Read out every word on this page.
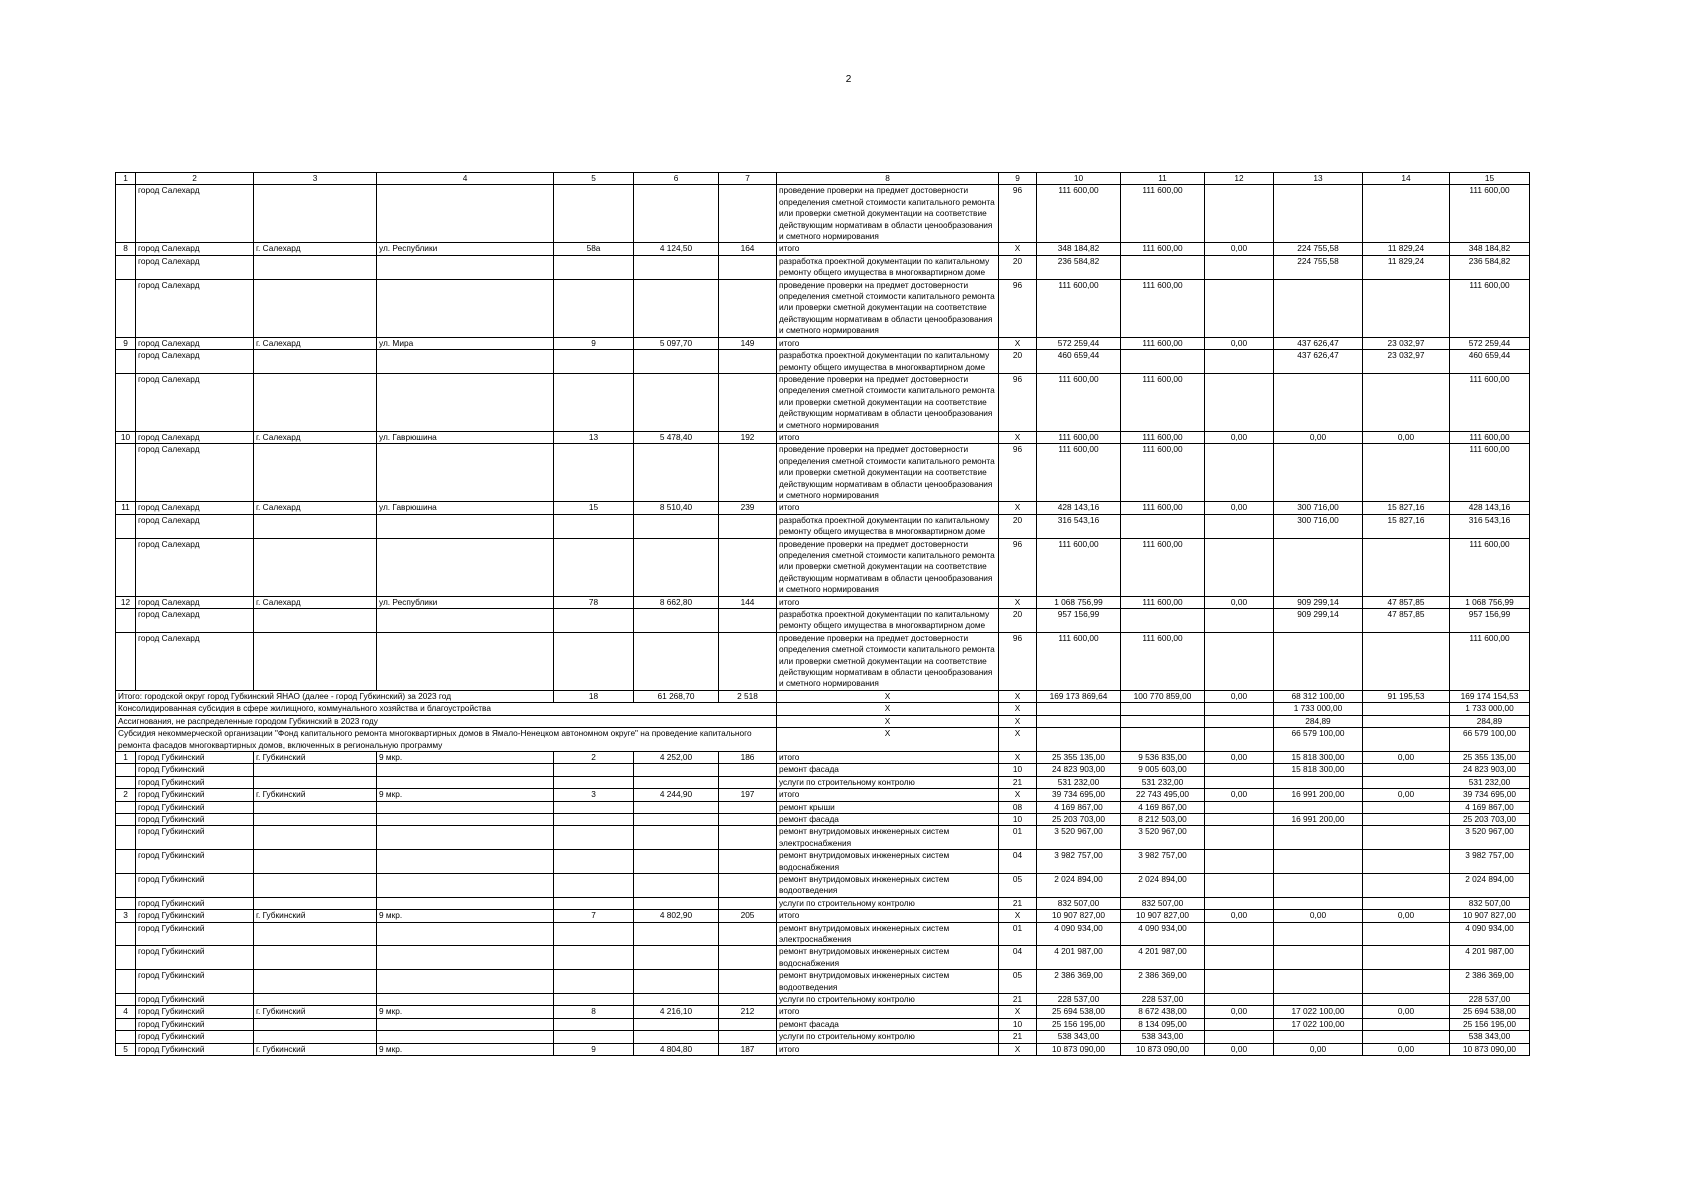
2
1	2	3	4	5	6	7	8	9	10	11	12	13	14	15
	город Салехард						проведение проверки на предмет достоверности определения сметной стоимости капитального ремонта или проверки сметной документации на соответствие действующим нормативам в области ценообразования и сметного нормирования	96	111 600,00	111 600,00				111 600,00
8	город Салехард	г. Салехард	ул. Республики	58а	4 124,50	164	итого	Х	348 184,82	111 600,00	0,00	224 755,58	11 829,24	348 184,82
	город Салехард						разработка проектной документации по капитальному ремонту общего имущества в многоквартирном доме	20	236 584,82			224 755,58	11 829,24	236 584,82
	город Салехард						проведение проверки на предмет достоверности определения сметной стоимости капитального ремонта или проверки сметной документации на соответствие действующим нормативам в области ценообразования и сметного нормирования	96	111 600,00	111 600,00				111 600,00
9	город Салехард	г. Салехард	ул. Мира	9	5 097,70	149	итого	Х	572 259,44	111 600,00	0,00	437 626,47	23 032,97	572 259,44
	город Салехард						разработка проектной документации по капитальному ремонту общего имущества в многоквартирном доме	20	460 659,44			437 626,47	23 032,97	460 659,44
	город Салехард						проведение проверки на предмет достоверности определения сметной стоимости капитального ремонта или проверки сметной документации на соответствие действующим нормативам в области ценообразования и сметного нормирования	96	111 600,00	111 600,00				111 600,00
10	город Салехард	г. Салехард	ул. Гаврюшина	13	5 478,40	192	итого	Х	111 600,00	111 600,00	0,00	0,00	0,00	111 600,00
	город Салехард						проведение проверки на предмет достоверности определения сметной стоимости капитального ремонта или проверки сметной документации на соответствие действующим нормативам в области ценообразования и сметного нормирования	96	111 600,00	111 600,00				111 600,00
11	город Салехард	г. Салехард	ул. Гаврюшина	15	8 510,40	239	итого	Х	428 143,16	111 600,00	0,00	300 716,00	15 827,16	428 143,16
	город Салехард						разработка проектной документации по капитальному ремонту общего имущества в многоквартирном доме	20	316 543,16			300 716,00	15 827,16	316 543,16
	город Салехард						проведение проверки на предмет достоверности определения сметной стоимости капитального ремонта или проверки сметной документации на соответствие действующим нормативам в области ценообразования и сметного нормирования	96	111 600,00	111 600,00				111 600,00
12	город Салехард	г. Салехард	ул. Республики	78	8 662,80	144	итого	Х	1 068 756,99	111 600,00	0,00	909 299,14	47 857,85	1 068 756,99
	город Салехард						разработка проектной документации по капитальному ремонту общего имущества в многоквартирном доме	20	957 156,99			909 299,14	47 857,85	957 156,99
	город Салехард						проведение проверки на предмет достоверности определения сметной стоимости капитального ремонта или проверки сметной документации на соответствие действующим нормативам в области ценообразования и сметного нормирования	96	111 600,00	111 600,00				111 600,00
Итого: городской округ город Губкинский ЯНАО (далее - город Губкинский) за 2023 год				18	61 268,70	2 518	Х	Х	169 173 869,64	100 770 859,00	0,00	68 312 100,00	91 195,53	169 174 154,53
Консолидированная субсидия в сфере жилищного, коммунального хозяйства и благоустройства							Х	Х				1 733 000,00		1 733 000,00
Ассигнования, не распределенные городом Губкинский в 2023 году							Х	Х				284,89		284,89
Субсидия некоммерческой организации "Фонд капитального ремонта многоквартирных домов в Ямало-Ненецком автономном округе" на проведение капитального ремонта фасадов многоквартирных домов, включенных в региональную программу							Х	Х				66 579 100,00		66 579 100,00
1	город Губкинский	г. Губкинский	9 мкр.	2	4 252,00	186	итого	Х	25 355 135,00	9 536 835,00	0,00	15 818 300,00	0,00	25 355 135,00
	город Губкинский						ремонт фасада	10	24 823 903,00	9 005 603,00		15 818 300,00		24 823 903,00
	город Губкинский						услуги по строительному контролю	21	531 232,00	531 232,00				531 232,00
2	город Губкинский	г. Губкинский	9 мкр.	3	4 244,90	197	итого	Х	39 734 695,00	22 743 495,00	0,00	16 991 200,00	0,00	39 734 695,00
	город Губкинский						ремонт крыши	08	4 169 867,00	4 169 867,00				4 169 867,00
	город Губкинский						ремонт фасада	10	25 203 703,00	8 212 503,00		16 991 200,00		25 203 703,00
	город Губкинский						ремонт внутридомовых инженерных систем электроснабжения	01	3 520 967,00	3 520 967,00				3 520 967,00
	город Губкинский						ремонт внутридомовых инженерных систем водоснабжения	04	3 982 757,00	3 982 757,00				3 982 757,00
	город Губкинский						ремонт внутридомовых инженерных систем водоотведения	05	2 024 894,00	2 024 894,00				2 024 894,00
	город Губкинский						услуги по строительному контролю	21	832 507,00	832 507,00				832 507,00
3	город Губкинский	г. Губкинский	9 мкр.	7	4 802,90	205	итого	Х	10 907 827,00	10 907 827,00	0,00	0,00	0,00	10 907 827,00
	город Губкинский						ремонт внутридомовых инженерных систем электроснабжения	01	4 090 934,00	4 090 934,00				4 090 934,00
	город Губкинский						ремонт внутридомовых инженерных систем водоснабжения	04	4 201 987,00	4 201 987,00				4 201 987,00
	город Губкинский						ремонт внутридомовых инженерных систем водоотведения	05	2 386 369,00	2 386 369,00				2 386 369,00
	город Губкинский						услуги по строительному контролю	21	228 537,00	228 537,00				228 537,00
4	город Губкинский	г. Губкинский	9 мкр.	8	4 216,10	212	итого	Х	25 694 538,00	8 672 438,00	0,00	17 022 100,00	0,00	25 694 538,00
	город Губкинский						ремонт фасада	10	25 156 195,00	8 134 095,00		17 022 100,00		25 156 195,00
	город Губкинский						услуги по строительному контролю	21	538 343,00	538 343,00				538 343,00
5	город Губкинский	г. Губкинский	9 мкр.	9	4 804,80	187	итого	Х	10 873 090,00	10 873 090,00	0,00	0,00	0,00	10 873 090,00
